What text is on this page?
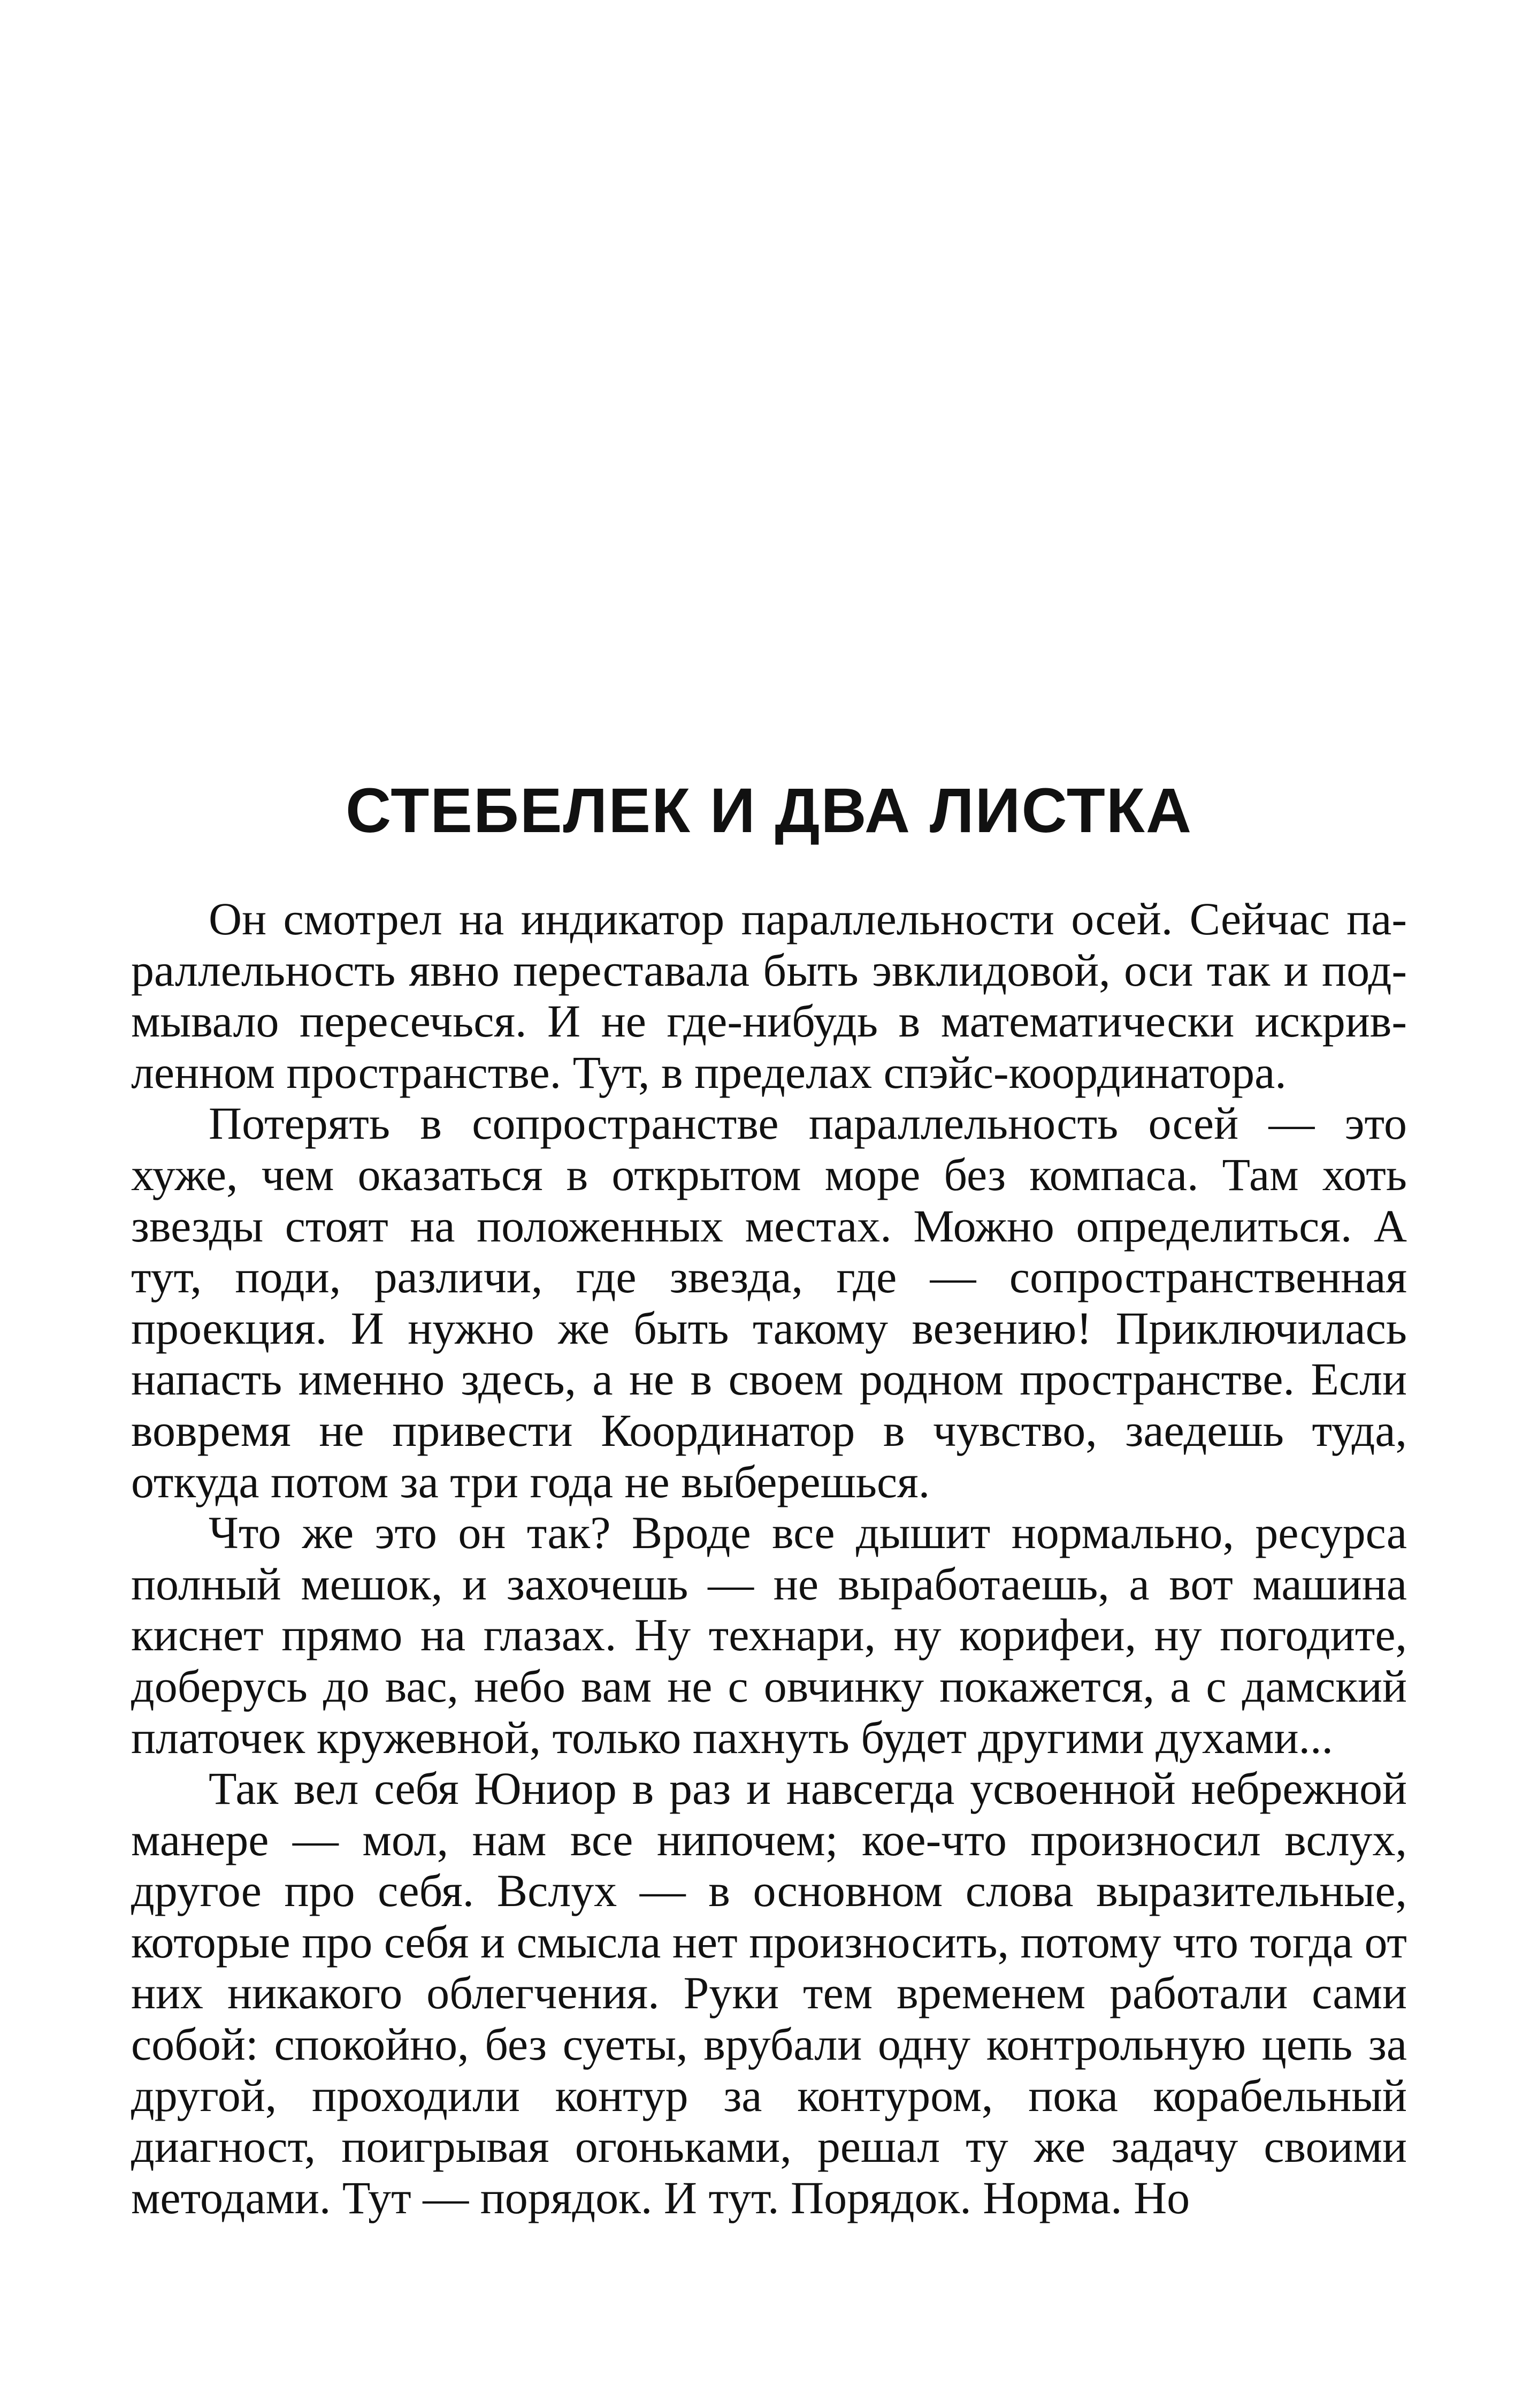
СТЕБЕЛЕК И ДВА ЛИСТКА

Он смотрел на индикатор параллельности осей. Сейчас параллельность явно переставала быть эвклидовой, оси так и подмывало пересечься. И не где-нибудь в математически искривленном пространстве. Тут, в пределах спэйс-координатора.

Потерять в сопространстве параллельность осей — это хуже, чем оказаться в открытом море без компаса. Там хоть звезды стоят на положенных местах. Можно определиться. А тут, поди, различи, где звезда, где — сопространственная проекция. И нужно же быть такому везению! Приключилась напасть именно здесь, а не в своем родном пространстве. Если вовремя не привести Координатор в чувство, заедешь туда, откуда потом за три года не выберешься.

Что же это он так? Вроде все дышит нормально, ресурса полный мешок, и захочешь — не выработаешь, а вот машина киснет прямо на глазах. Ну технари, ну корифеи, ну погодите, доберусь до вас, небо вам не с овчинку покажется, а с дамский платочек кружевной, только пахнуть будет другими духами...

Так вел себя Юниор в раз и навсегда усвоенной небрежной манере — мол, нам все нипочем; кое-что произносил вслух, другое про себя. Вслух — в основном слова выразительные, которые про себя и смысла нет произносить, потому что тогда от них никакого облегчения. Руки тем временем работали сами собой: спокойно, без суеты, врубали одну контрольную цепь за другой, проходили контур за контуром, пока корабельный диагност, поигрывая огоньками, решал ту же задачу своими методами. Тут — порядок. И тут. Порядок. Норма. Но
